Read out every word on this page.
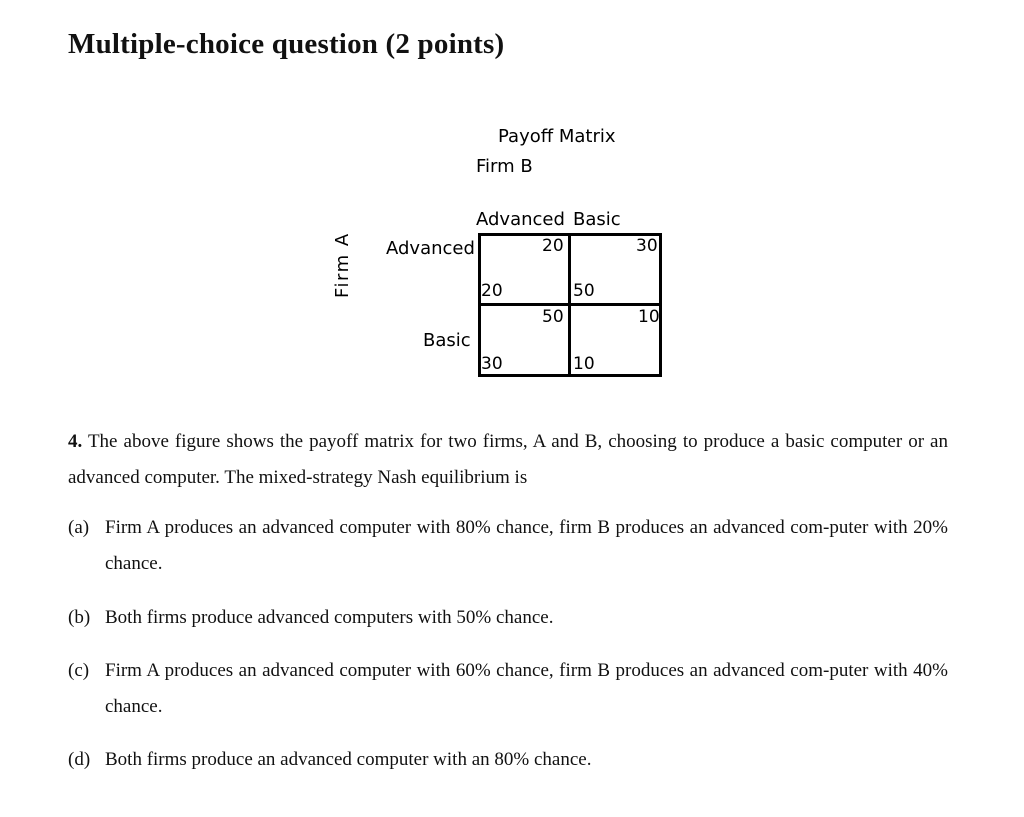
Multiple-choice question (2 points)
Payoff Matrix
Firm B
Advanced Basic
Advanced
Basic
Firm A	20
20
30
50
50
30
10
10
4. The above figure shows the payoff matrix for two firms, A and B, choosing to produce a basic computer or an advanced computer. The mixed-strategy Nash equilibrium is
(a) Firm A produces an advanced computer with 80% chance, firm B produces an advanced com-puter with 20% chance.
(b) Both firms produce advanced computers with 50% chance.
(c) Firm A produces an advanced computer with 60% chance, firm B produces an advanced com-puter with 40% chance.
(d) Both firms produce an advanced computer with an 80% chance.
